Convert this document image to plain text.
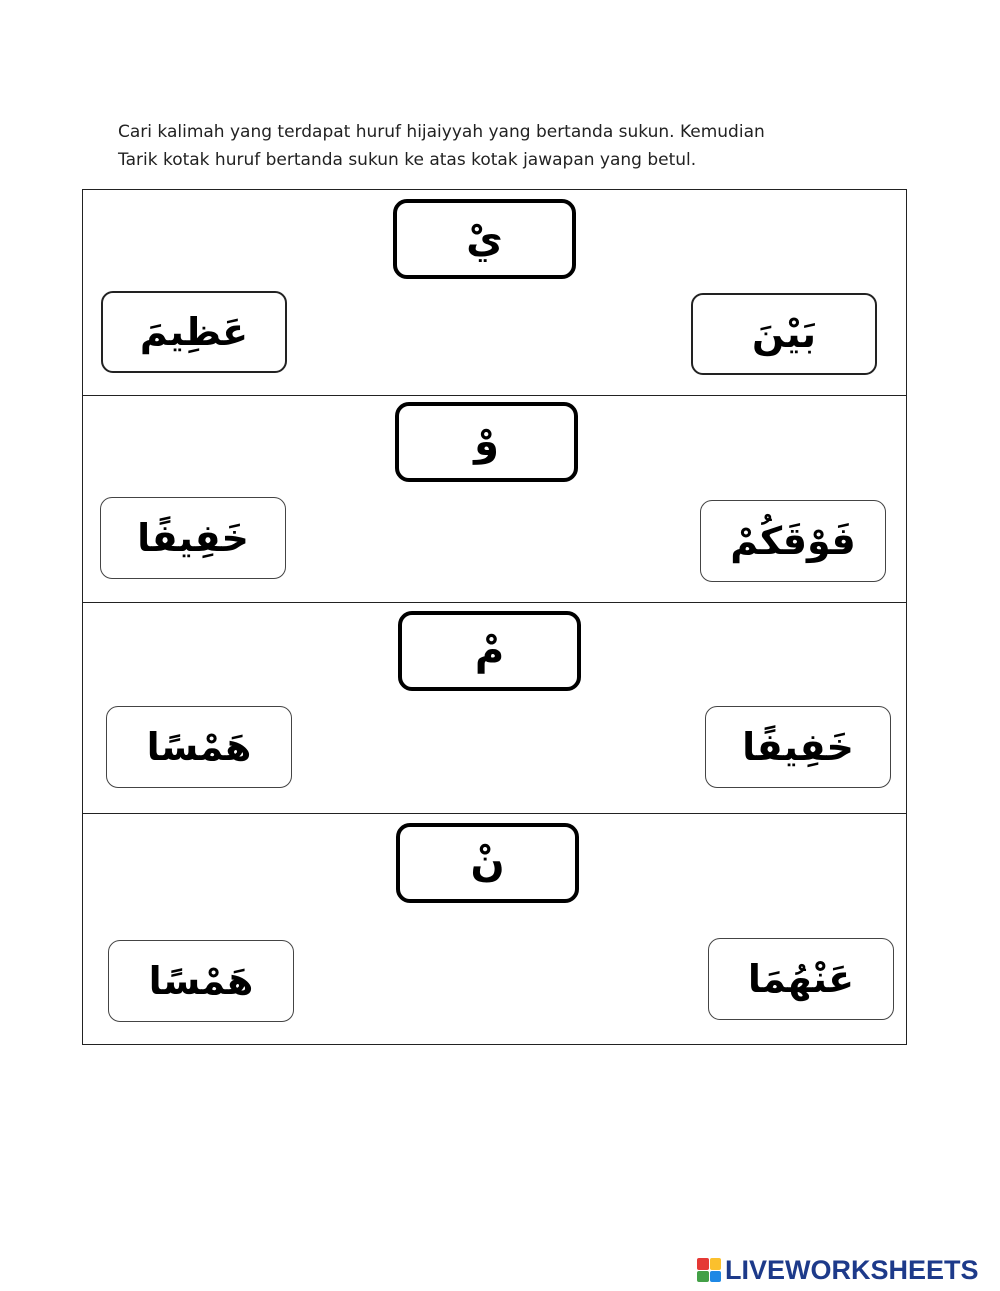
Cari kalimah yang terdapat huruf hijaiyyah yang bertanda sukun. Kemudian
Tarik kotak huruf bertanda sukun ke atas kotak jawapan yang betul.
يْ
عَظِيمَ	بَيْنَ
وْ
خَفِيفًا	فَوْقَكُمْ
مْ
هَمْسًا	خَفِيفًا
نْ
هَمْسًا	عَنْهُمَا
LIVEWORKSHEETS
